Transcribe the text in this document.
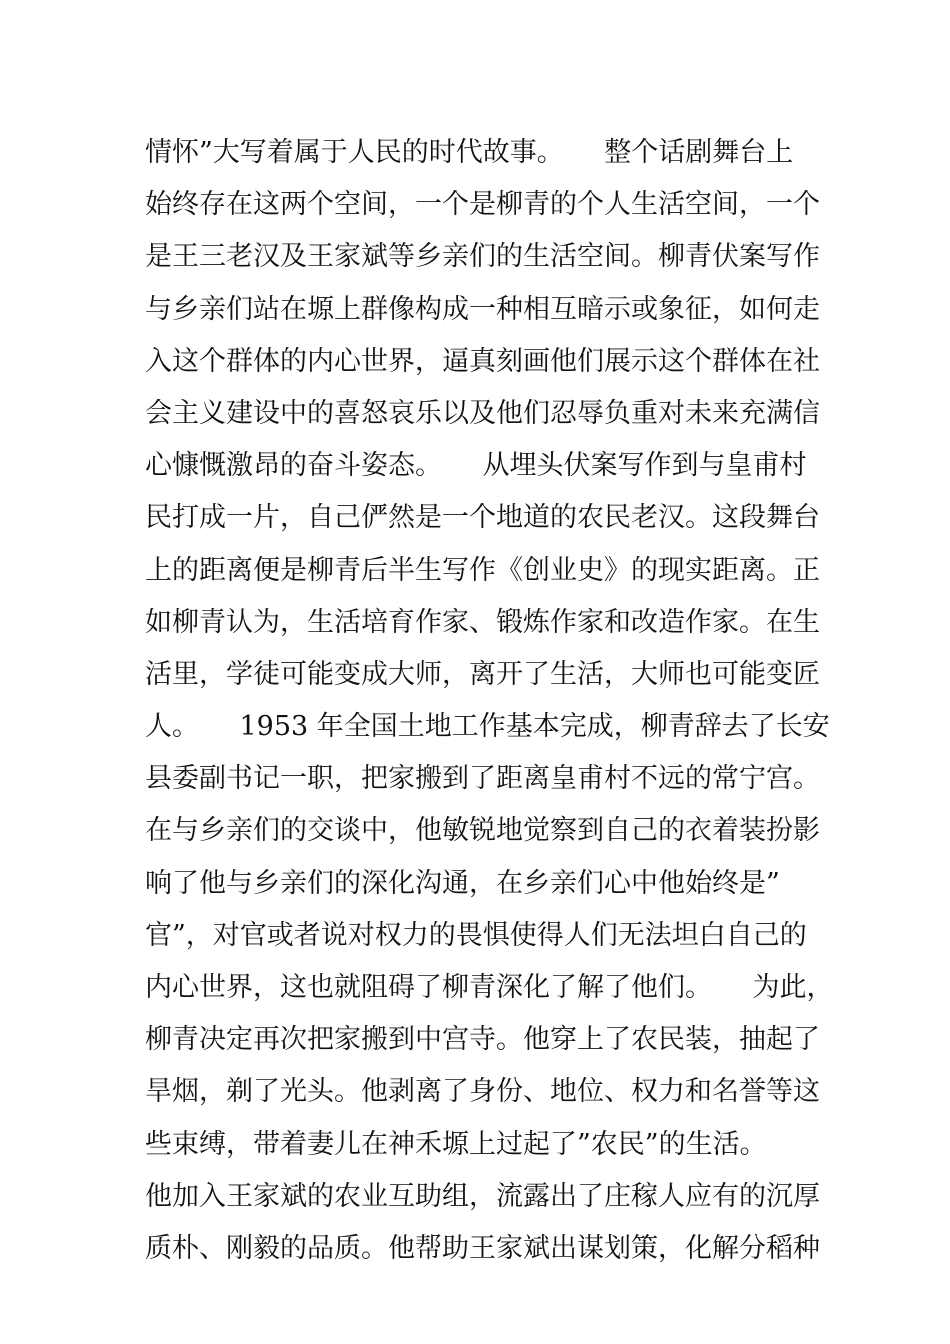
情怀”大写着属于人民的时代故事。　　整个话剧舞台上
始终存在这两个空间，一个是柳青的个人生活空间，一个
是王三老汉及王家斌等乡亲们的生活空间。柳青伏案写作
与乡亲们站在塬上群像构成一种相互暗示或象征，如何走
入这个群体的内心世界，逼真刻画他们展示这个群体在社
会主义建设中的喜怒哀乐以及他们忍辱负重对未来充满信
心慷慨激昂的奋斗姿态。　　从埋头伏案写作到与皇甫村
民打成一片，自己俨然是一个地道的农民老汉。这段舞台
上的距离便是柳青后半生写作《创业史》的现实距离。正
如柳青认为，生活培育作家、锻炼作家和改造作家。在生
活里，学徒可能变成大师，离开了生活，大师也可能变匠
人。　　1953 年全国土地工作基本完成，柳青辞去了长安
县委副书记一职，把家搬到了距离皇甫村不远的常宁宫。
在与乡亲们的交谈中，他敏锐地觉察到自己的衣着装扮影
响了他与乡亲们的深化沟通，在乡亲们心中他始终是”
官”，对官或者说对权力的畏惧使得人们无法坦白自己的
内心世界，这也就阻碍了柳青深化了解了他们。　　为此，
柳青决定再次把家搬到中宫寺。他穿上了农民装，抽起了
旱烟，剃了光头。他剥离了身份、地位、权力和名誉等这
些束缚，带着妻儿在神禾塬上过起了”农民”的生活。
他加入王家斌的农业互助组，流露出了庄稼人应有的沉厚
质朴、刚毅的品质。他帮助王家斌出谋划策，化解分稻种
